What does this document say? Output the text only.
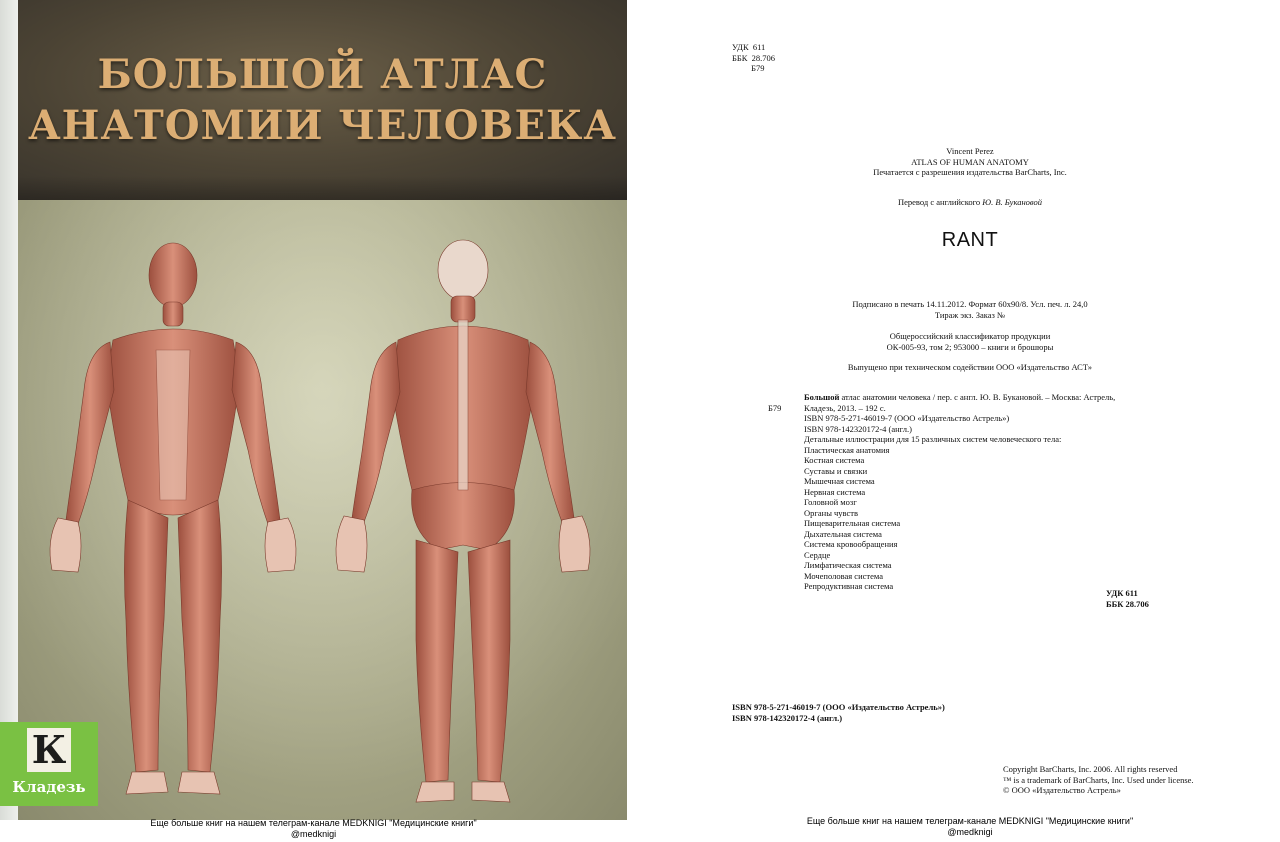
БОЛЬШОЙ АТЛАС
АНАТОМИИ ЧЕЛОВЕКА
К
Кладезь
Еще больше книг на нашем телеграм-канале MEDKNIGI "Медицинские книги"
@medknigi
УДК  611
ББК  28.706
Б79
Vincent Perez
ATLAS OF HUMAN ANATOMY
Печатается с разрешения издательства BarCharts, Inc.
Перевод с английского Ю. В. Букановой
RANT
Подписано в печать 14.11.2012. Формат 60x90/8. Усл. печ. л. 24,0
Тираж экз. Заказ №
Общероссийский классификатор продукции
ОК-005-93, том 2; 953000 – книги и брошюры
Выпущено при техническом содействии ООО «Издательство АСТ»
Большой атлас анатомии человека / пер. с англ. Ю. В. Букановой. – Москва: Астрель,
Б79	Кладезь, 2013. – 192 с.
ISBN 978-5-271-46019-7 (ООО «Издательство Астрель»)
ISBN 978-142320172-4 (англ.)
Детальные иллюстрации для 15 различных систем человеческого тела:
Пластическая анатомия
Костная система
Суставы и связки
Мышечная система
Нервная система
Головной мозг
Органы чувств
Пищеварительная система
Дыхательная система
Система кровообращения
Сердце
Лимфатическая система
Мочеполовая система
Репродуктивная система
УДК 611
ББК 28.706
ISBN 978-5-271-46019-7 (ООО «Издательство Астрель»)
ISBN 978-142320172-4 (англ.)
Copyright BarCharts, Inc. 2006. All rights reserved
™ is a trademark of BarCharts, Inc. Used under license.
© ООО «Издательство Астрель»
Еще больше книг на нашем телеграм-канале MEDKNIGI "Медицинские книги"
@medknigi
